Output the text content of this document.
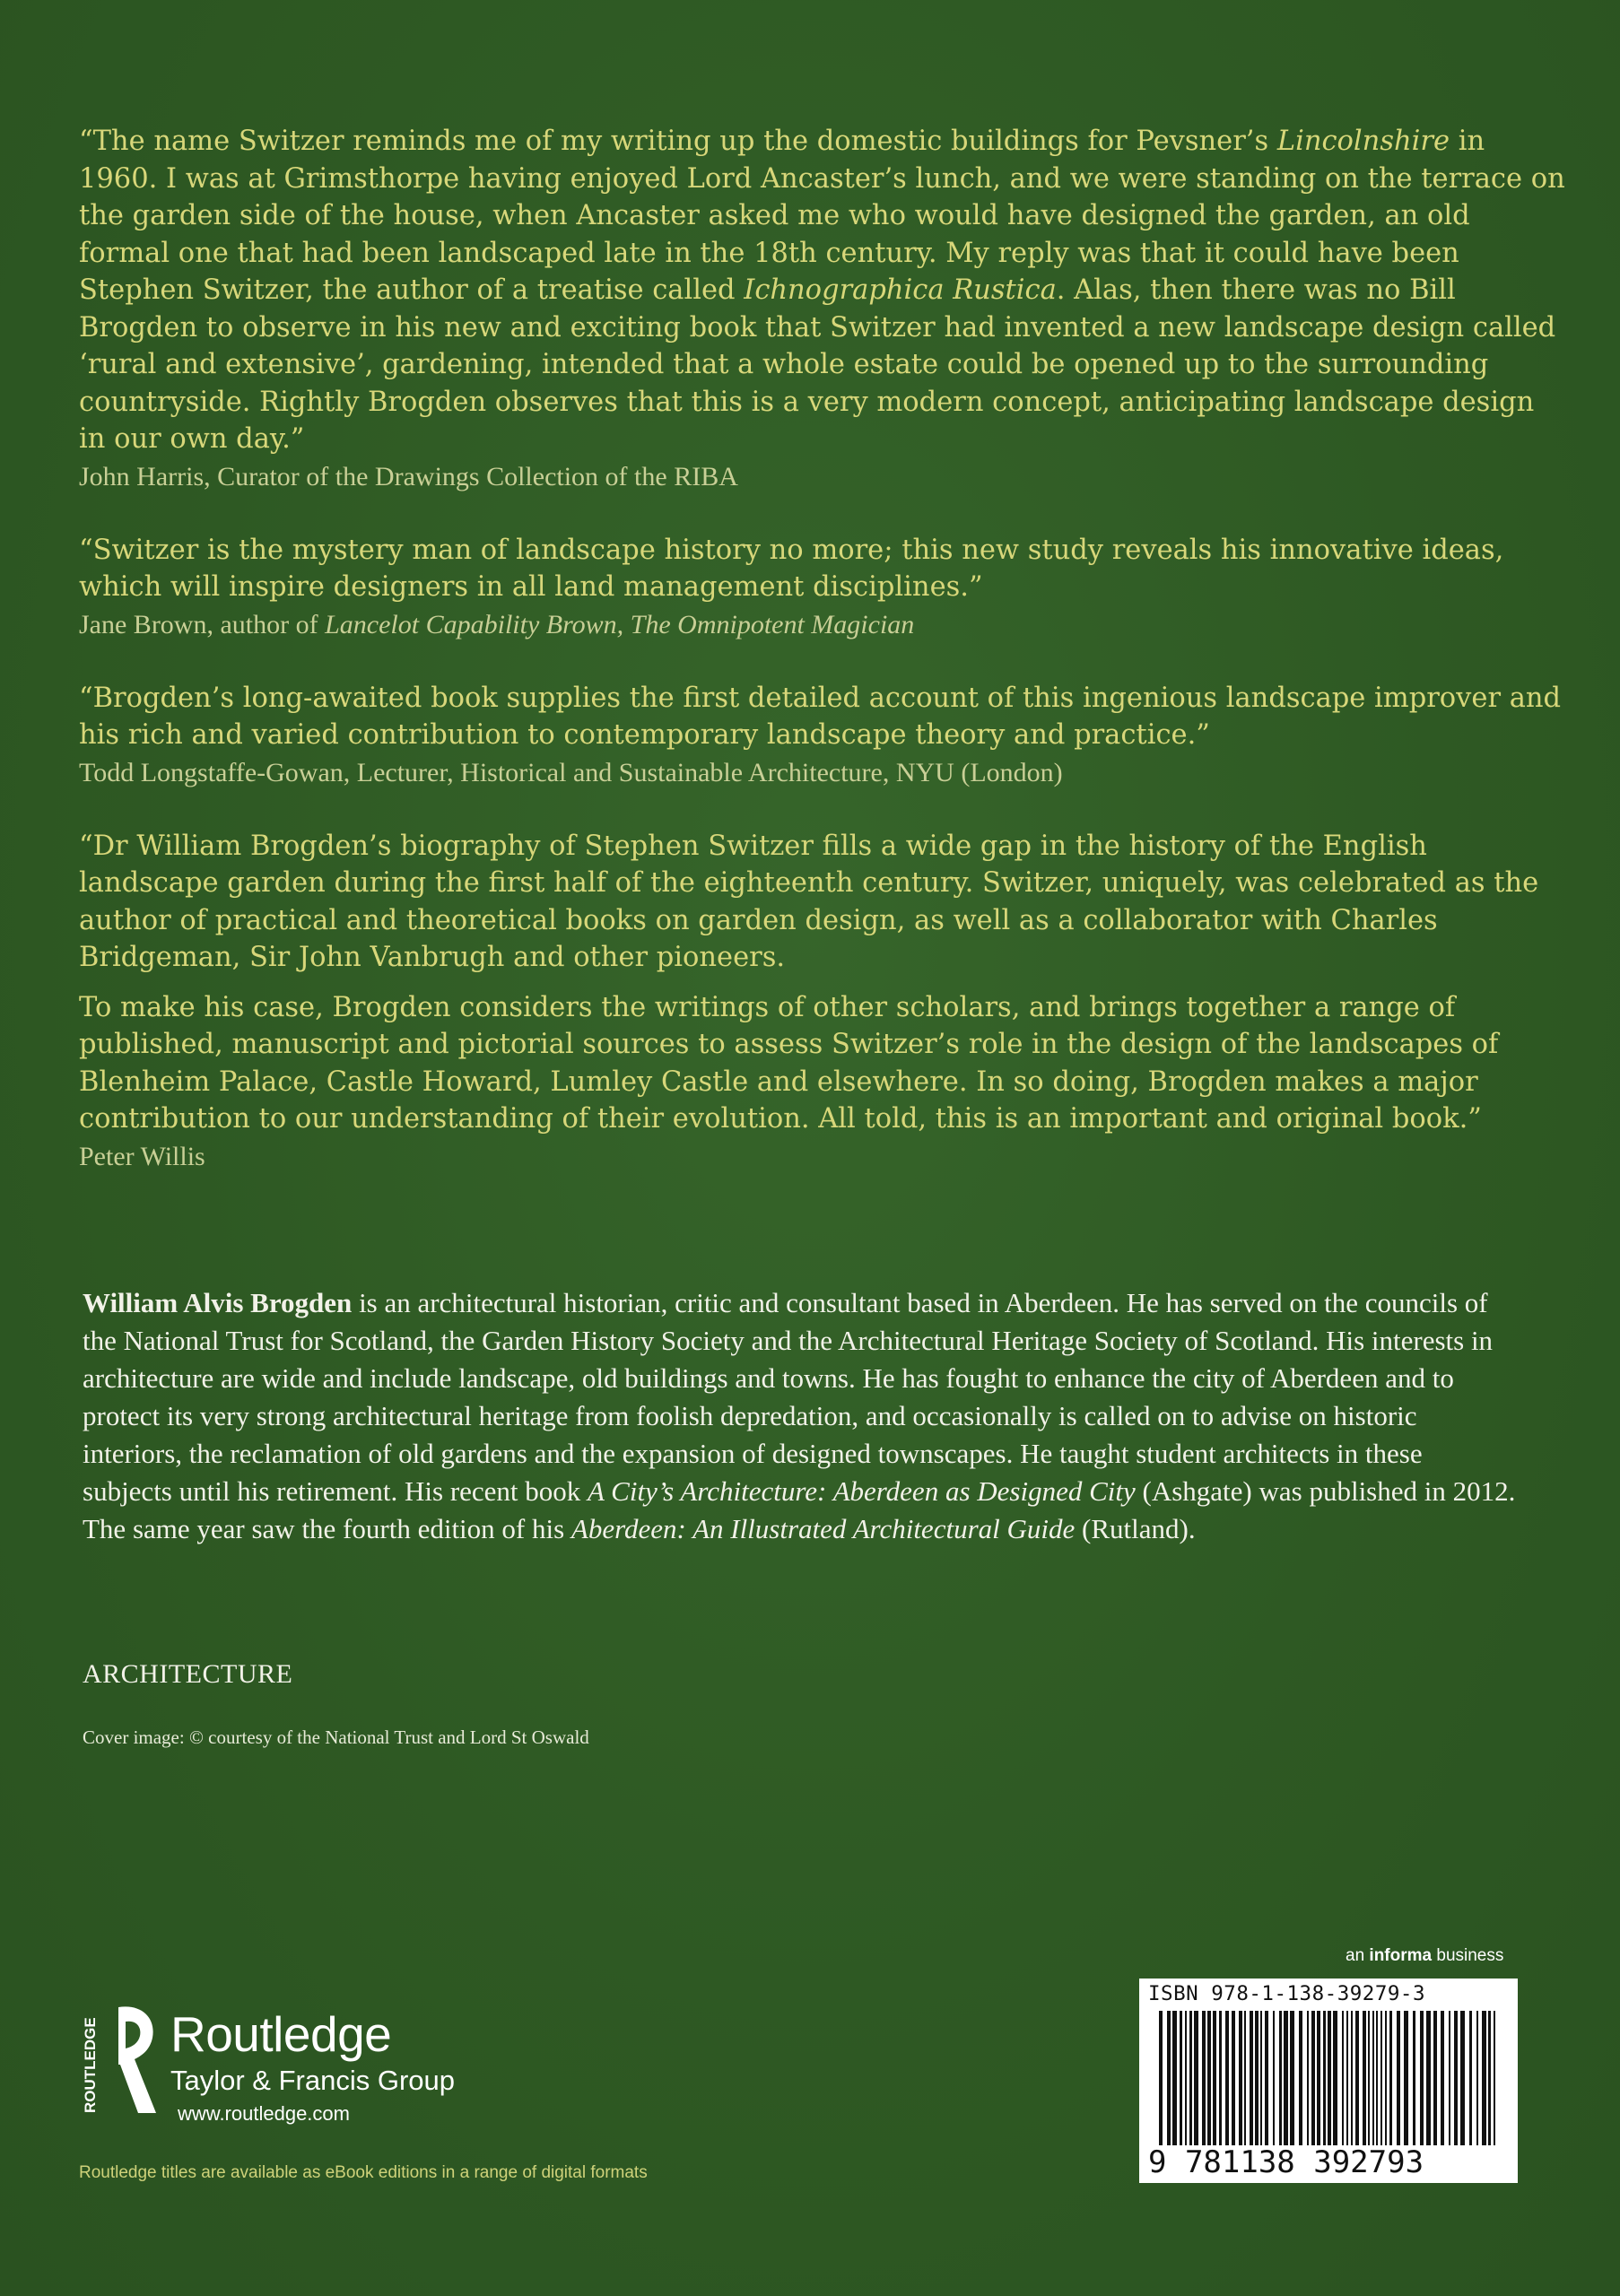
“The name Switzer reminds me of my writing up the domestic buildings for Pevsner’s Lincolnshire in 1960. I was at Grimsthorpe having enjoyed Lord Ancaster’s lunch, and we were standing on the terrace on the garden side of the house, when Ancaster asked me who would have designed the garden, an old formal one that had been landscaped late in the 18th century. My reply was that it could have been Stephen Switzer, the author of a treatise called Ichnographica Rustica. Alas, then there was no Bill Brogden to observe in his new and exciting book that Switzer had invented a new landscape design called ‘rural and extensive’, gardening, intended that a whole estate could be opened up to the surrounding countryside. Rightly Brogden observes that this is a very modern concept, anticipating landscape design in our own day.”

John Harris, Curator of the Drawings Collection of the RIBA

“Switzer is the mystery man of landscape history no more; this new study reveals his innovative ideas, which will inspire designers in all land management disciplines.”

Jane Brown, author of Lancelot Capability Brown, The Omnipotent Magician

“Brogden’s long-awaited book supplies the first detailed account of this ingenious landscape improver and his rich and varied contribution to contemporary landscape theory and practice.”

Todd Longstaffe-Gowan, Lecturer, Historical and Sustainable Architecture, NYU (London)

“Dr William Brogden’s biography of Stephen Switzer fills a wide gap in the history of the English landscape garden during the first half of the eighteenth century. Switzer, uniquely, was celebrated as the author of practical and theoretical books on garden design, as well as a collaborator with Charles Bridgeman, Sir John Vanbrugh and other pioneers.

To make his case, Brogden considers the writings of other scholars, and brings together a range of published, manuscript and pictorial sources to assess Switzer’s role in the design of the landscapes of Blenheim Palace, Castle Howard, Lumley Castle and elsewhere. In so doing, Brogden makes a major contribution to our understanding of their evolution. All told, this is an important and original book.”

Peter Willis

William Alvis Brogden is an architectural historian, critic and consultant based in Aberdeen. He has served on the councils of the National Trust for Scotland, the Garden History Society and the Architectural Heritage Society of Scotland. His interests in architecture are wide and include landscape, old buildings and towns. He has fought to enhance the city of Aberdeen and to protect its very strong architectural heritage from foolish depredation, and occasionally is called on to advise on historic interiors, the reclamation of old gardens and the expansion of designed townscapes. He taught student architects in these subjects until his retirement. His recent book A City’s Architecture: Aberdeen as Designed City (Ashgate) was published in 2012. The same year saw the fourth edition of his Aberdeen: An Illustrated Architectural Guide (Rutland).

ARCHITECTURE
Cover image: © courtesy of the National Trust and Lord St Oswald
an informa business
ISBN 978-1-138-39279-3
9 781138 392793
ROUTLEDGE Routledge
Taylor & Francis Group
www.routledge.com
Routledge titles are available as eBook editions in a range of digital formats
